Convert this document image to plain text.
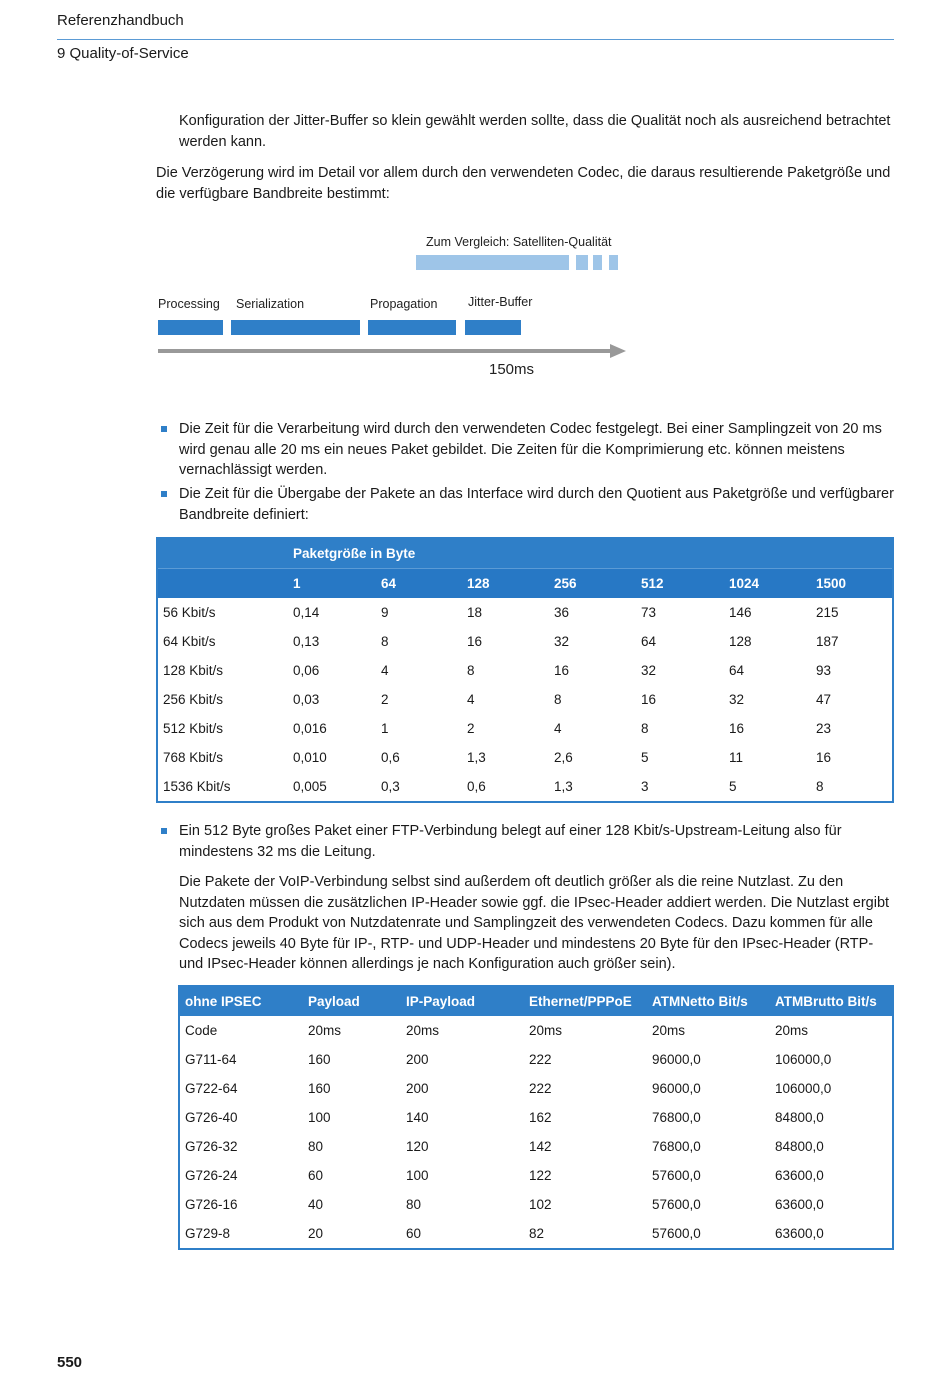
Referenzhandbuch
9 Quality-of-Service

Konfiguration der Jitter-Buffer so klein gewählt werden sollte, dass die Qualität noch als ausreichend betrachtet werden kann.

Die Verzögerung wird im Detail vor allem durch den verwendeten Codec, die daraus resultierende Paketgröße und die verfügbare Bandbreite bestimmt:

Zum Vergleich: Satelliten-Qualität
Processing Serialization	Propagation Jitter-Buffer
150ms
Die Zeit für die Verarbeitung wird durch den verwendeten Codec festgelegt. Bei einer Samplingzeit von 20 ms wird genau alle 20 ms ein neues Paket gebildet. Die Zeiten für die Komprimierung etc. können meistens vernachlässigt werden.
Die Zeit für die Übergabe der Pakete an das Interface wird durch den Quotient aus Paketgröße und verfügbarer Bandbreite definiert:
	Paketgröße in Byte						
	1	64	128	256	512	1024	1500
56 Kbit/s	0,14	9	18	36	73	146	215
64 Kbit/s	0,13	8	16	32	64	128	187
128 Kbit/s	0,06	4	8	16	32	64	93
256 Kbit/s	0,03	2	4	8	16	32	47
512 Kbit/s	0,016	1	2	4	8	16	23
768 Kbit/s	0,010	0,6	1,3	2,6	5	11	16
1536 Kbit/s	0,005	0,3	0,6	1,3	3	5	8
Ein 512 Byte großes Paket einer FTP-Verbindung belegt auf einer 128 Kbit/s-Upstream-Leitung also für mindestens 32 ms die Leitung.

Die Pakete der VoIP-Verbindung selbst sind außerdem oft deutlich größer als die reine Nutzlast. Zu den Nutzdaten müssen die zusätzlichen IP-Header sowie ggf. die IPsec-Header addiert werden. Die Nutzlast ergibt sich aus dem Produkt von Nutzdatenrate und Samplingzeit des verwendeten Codecs. Dazu kommen für alle Codecs jeweils 40 Byte für IP-, RTP- und UDP-Header und mindestens 20 Byte für den IPsec-Header (RTP- und IPsec-Header können allerdings je nach Konfiguration auch größer sein).

ohne IPSEC	Payload	IP-Payload	Ethernet/PPPoE	ATMNetto Bit/s	ATMBrutto Bit/s
Code	20ms	20ms	20ms	20ms	20ms
G711-64	160	200	222	96000,0	106000,0
G722-64	160	200	222	96000,0	106000,0
G726-40	100	140	162	76800,0	84800,0
G726-32	80	120	142	76800,0	84800,0
G726-24	60	100	122	57600,0	63600,0
G726-16	40	80	102	57600,0	63600,0
G729-8	20	60	82	57600,0	63600,0
550
